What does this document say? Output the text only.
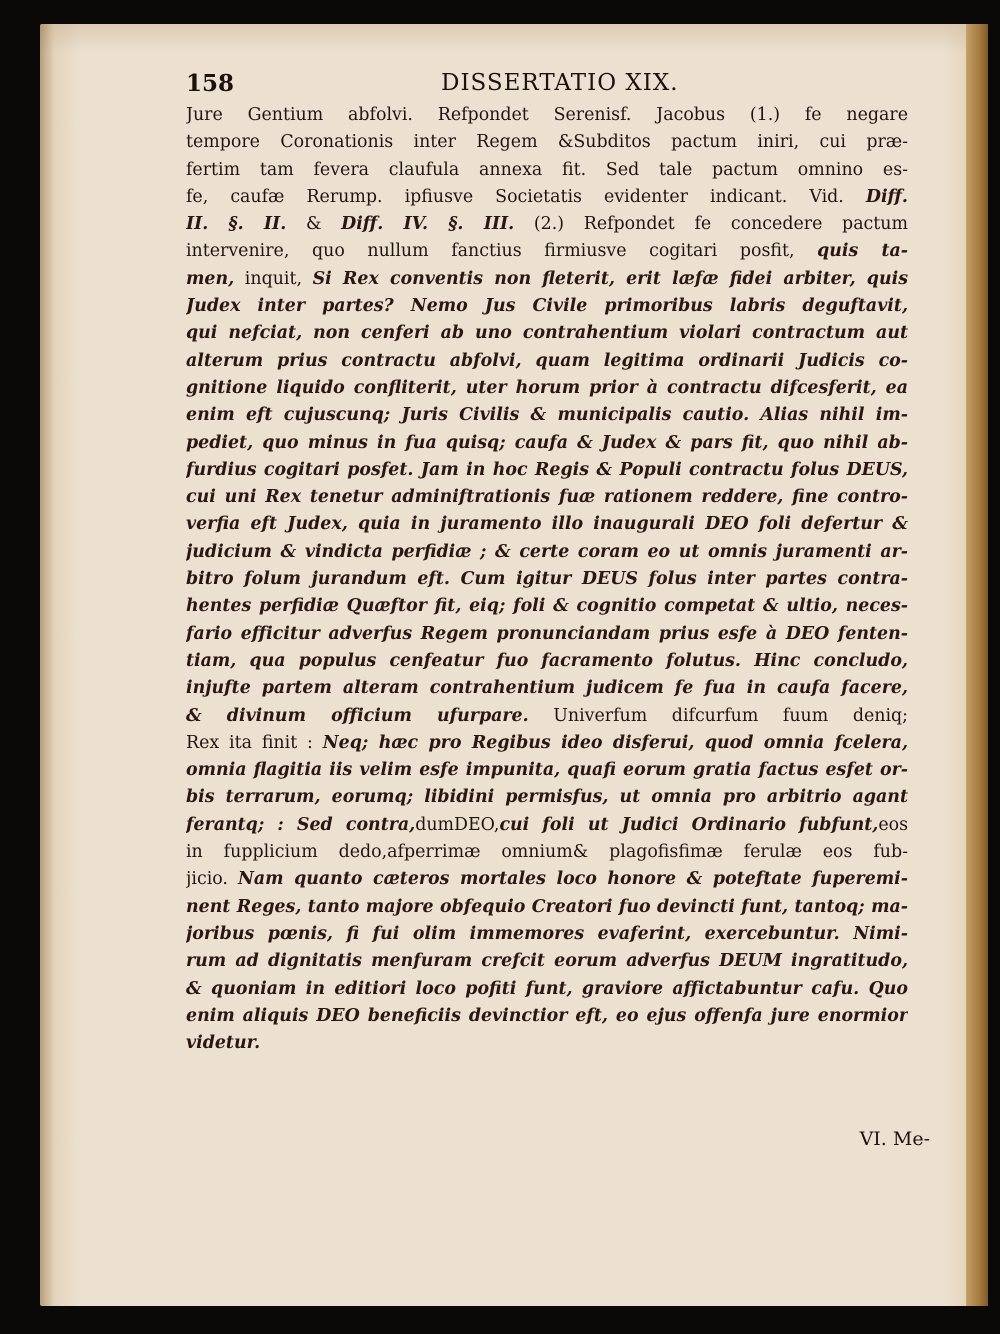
158	DISSERTATIO XIX.
Jure Gentium abfolvi. Refpondet Serenisf. Jacobus (1.) fe negare
tempore Coronationis inter Regem &Subditos pactum iniri, cui præ-
fertim tam fevera claufula annexa fit. Sed tale pactum omnino es-
fe, caufæ Rerump. ipfiusve Societatis evidenter indicant. Vid. Diff.
II. §. II. & Diff. IV. §. III. (2.) Refpondet fe concedere pactum
intervenire, quo nullum fanctius firmiusve cogitari posfit, quis ta-
men, inquit, Si Rex conventis non fleterit, erit læfæ fidei arbiter, quis
Judex inter partes? Nemo Jus Civile primoribus labris deguftavit,
qui nefciat, non cenferi ab uno contrahentium violari contractum aut
alterum prius contractu abfolvi, quam legitima ordinarii Judicis co-
gnitione liquido confliterit, uter horum prior à contractu difcesferit, ea
enim eft cujuscunq; Juris Civilis & municipalis cautio. Alias nihil im-
pediet, quo minus in fua quisq; caufa & Judex & pars fit, quo nihil ab-
furdius cogitari posfet. Jam in hoc Regis & Populi contractu folus DEUS,
cui uni Rex tenetur adminiftrationis fuæ rationem reddere, fine contro-
verfia eft Judex, quia in juramento illo inaugurali DEO foli defertur &
judicium & vindicta perfidiæ ; & certe coram eo ut omnis juramenti ar-
bitro folum jurandum eft. Cum igitur DEUS folus inter partes contra-
hentes perfidiæ Quæftor fit, eiq; foli & cognitio competat & ultio, neces-
fario efficitur adverfus Regem pronunciandam prius esfe à DEO fenten-
tiam, qua populus cenfeatur fuo facramento folutus. Hinc concludo,
injufte partem alteram contrahentium judicem fe fua in caufa facere,
& divinum officium ufurpare. Univerfum difcurfum fuum deniq;
Rex ita finit : Neq; hæc pro Regibus ideo disferui, quod omnia fcelera,
omnia flagitia iis velim esfe impunita, quafi eorum gratia factus esfet or-
bis terrarum, eorumq; libidini permisfus, ut omnia pro arbitrio agant
ferantq; : Sed contra,dumDEO,cui foli ut Judici Ordinario fubfunt,eos
in fupplicium dedo,afperrimæ omnium& plagofisfimæ ferulæ eos fub-
jicio. Nam quanto cæteros mortales loco honore & poteftate fuperemi-
nent Reges, tanto majore obfequio Creatori fuo devincti funt, tantoq; ma-
joribus pœnis, fi fui olim immemores evaferint, exercebuntur. Nimi-
rum ad dignitatis menfuram crefcit eorum adverfus DEUM ingratitudo,
& quoniam in editiori loco pofiti funt, graviore affictabuntur cafu. Quo
enim aliquis DEO beneficiis devinctior eft, eo ejus offenfa jure enormior
videtur.
VI. Me-
